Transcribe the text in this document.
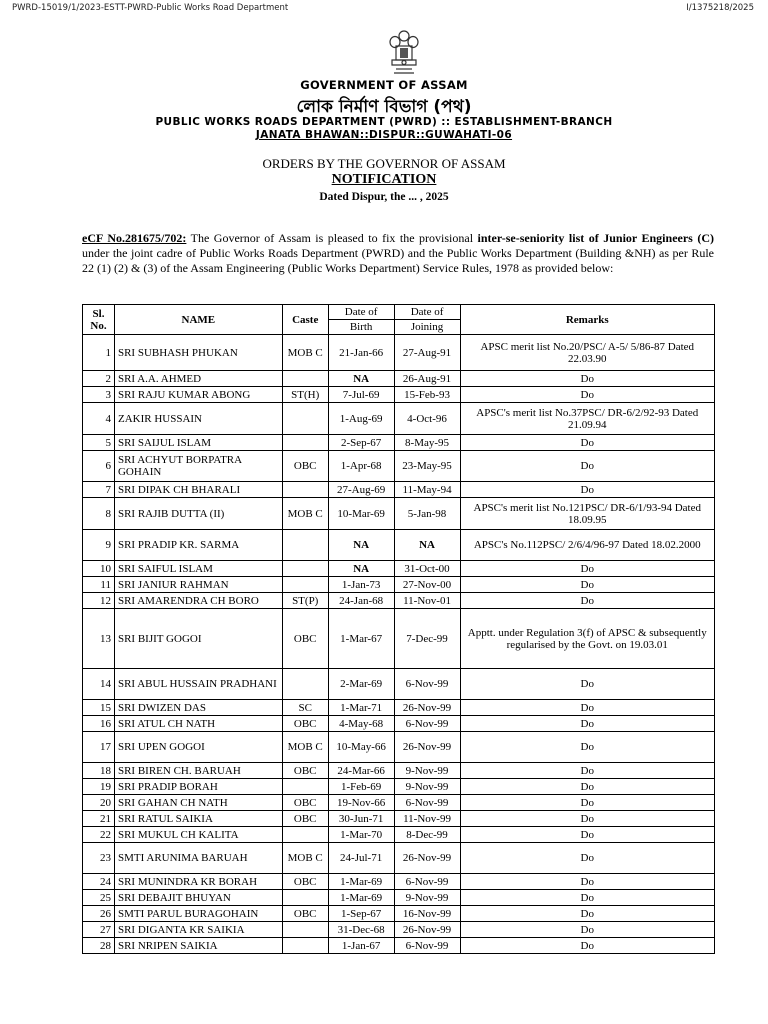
PWRD-15019/1/2023-ESTT-PWRD-Public Works Road Department	I/1375218/2025
GOVERNMENT OF ASSAM
লোক নির্মাণ বিভাগ (পথ)
PUBLIC WORKS ROADS DEPARTMENT (PWRD) :: ESTABLISHMENT-BRANCH
JANATA BHAWAN::DISPUR::GUWAHATI-06
ORDERS BY THE GOVERNOR OF ASSAM
NOTIFICATION
Dated Dispur, the ... , 2025
eCF No.281675/702: The Governor of Assam is pleased to fix the provisional inter-se-seniority list of Junior Engineers (C) under the joint cadre of Public Works Roads Department (PWRD) and the Public Works Department (Building &NH) as per Rule 22 (1) (2) & (3) of the Assam Engineering (Public Works Department) Service Rules, 1978 as provided below:
Sl.
No.	NAME	Caste	Date of	Date of	Remarks
			Birth	Joining	
1	SRI SUBHASH PHUKAN	MOB C	21-Jan-66	27-Aug-91	APSC merit list No.20/PSC/ A-5/ 5/86-87 Dated 22.03.90
2	SRI A.A. AHMED		NA	26-Aug-91	Do
3	SRI RAJU KUMAR ABONG	ST(H)	7-Jul-69	15-Feb-93	Do
4	ZAKIR HUSSAIN		1-Aug-69	4-Oct-96	APSC's merit list No.37PSC/ DR-6/2/92-93 Dated 21.09.94
5	SRI SAIJUL ISLAM		2-Sep-67	8-May-95	Do
6	SRI ACHYUT BORPATRA GOHAIN	OBC	1-Apr-68	23-May-95	Do
7	SRI DIPAK CH BHARALI		27-Aug-69	11-May-94	Do
8	SRI RAJIB DUTTA (II)	MOB C	10-Mar-69	5-Jan-98	APSC's merit list No.121PSC/ DR-6/1/93-94 Dated 18.09.95
9	SRI PRADIP KR. SARMA		NA	NA	APSC's No.112PSC/ 2/6/4/96-97 Dated 18.02.2000
10	SRI SAIFUL ISLAM		NA	31-Oct-00	Do
11	SRI JANIUR RAHMAN		1-Jan-73	27-Nov-00	Do
12	SRI AMARENDRA CH BORO	ST(P)	24-Jan-68	11-Nov-01	Do
13	SRI BIJIT GOGOI	OBC	1-Mar-67	7-Dec-99	Apptt. under Regulation 3(f) of APSC & subsequently regularised by the Govt. on 19.03.01
14	SRI ABUL HUSSAIN PRADHANI		2-Mar-69	6-Nov-99	Do
15	SRI DWIZEN DAS	SC	1-Mar-71	26-Nov-99	Do
16	SRI ATUL CH NATH	OBC	4-May-68	6-Nov-99	Do
17	SRI UPEN GOGOI	MOB C	10-May-66	26-Nov-99	Do
18	SRI BIREN CH. BARUAH	OBC	24-Mar-66	9-Nov-99	Do
19	SRI PRADIP BORAH		1-Feb-69	9-Nov-99	Do
20	SRI GAHAN CH NATH	OBC	19-Nov-66	6-Nov-99	Do
21	SRI RATUL SAIKIA	OBC	30-Jun-71	11-Nov-99	Do
22	SRI MUKUL CH KALITA		1-Mar-70	8-Dec-99	Do
23	SMTI ARUNIMA BARUAH	MOB C	24-Jul-71	26-Nov-99	Do
24	SRI MUNINDRA KR BORAH	OBC	1-Mar-69	6-Nov-99	Do
25	SRI DEBAJIT BHUYAN		1-Mar-69	9-Nov-99	Do
26	SMTI PARUL BURAGOHAIN	OBC	1-Sep-67	16-Nov-99	Do
27	SRI DIGANTA KR SAIKIA		31-Dec-68	26-Nov-99	Do
28	SRI NRIPEN SAIKIA		1-Jan-67	6-Nov-99	Do
